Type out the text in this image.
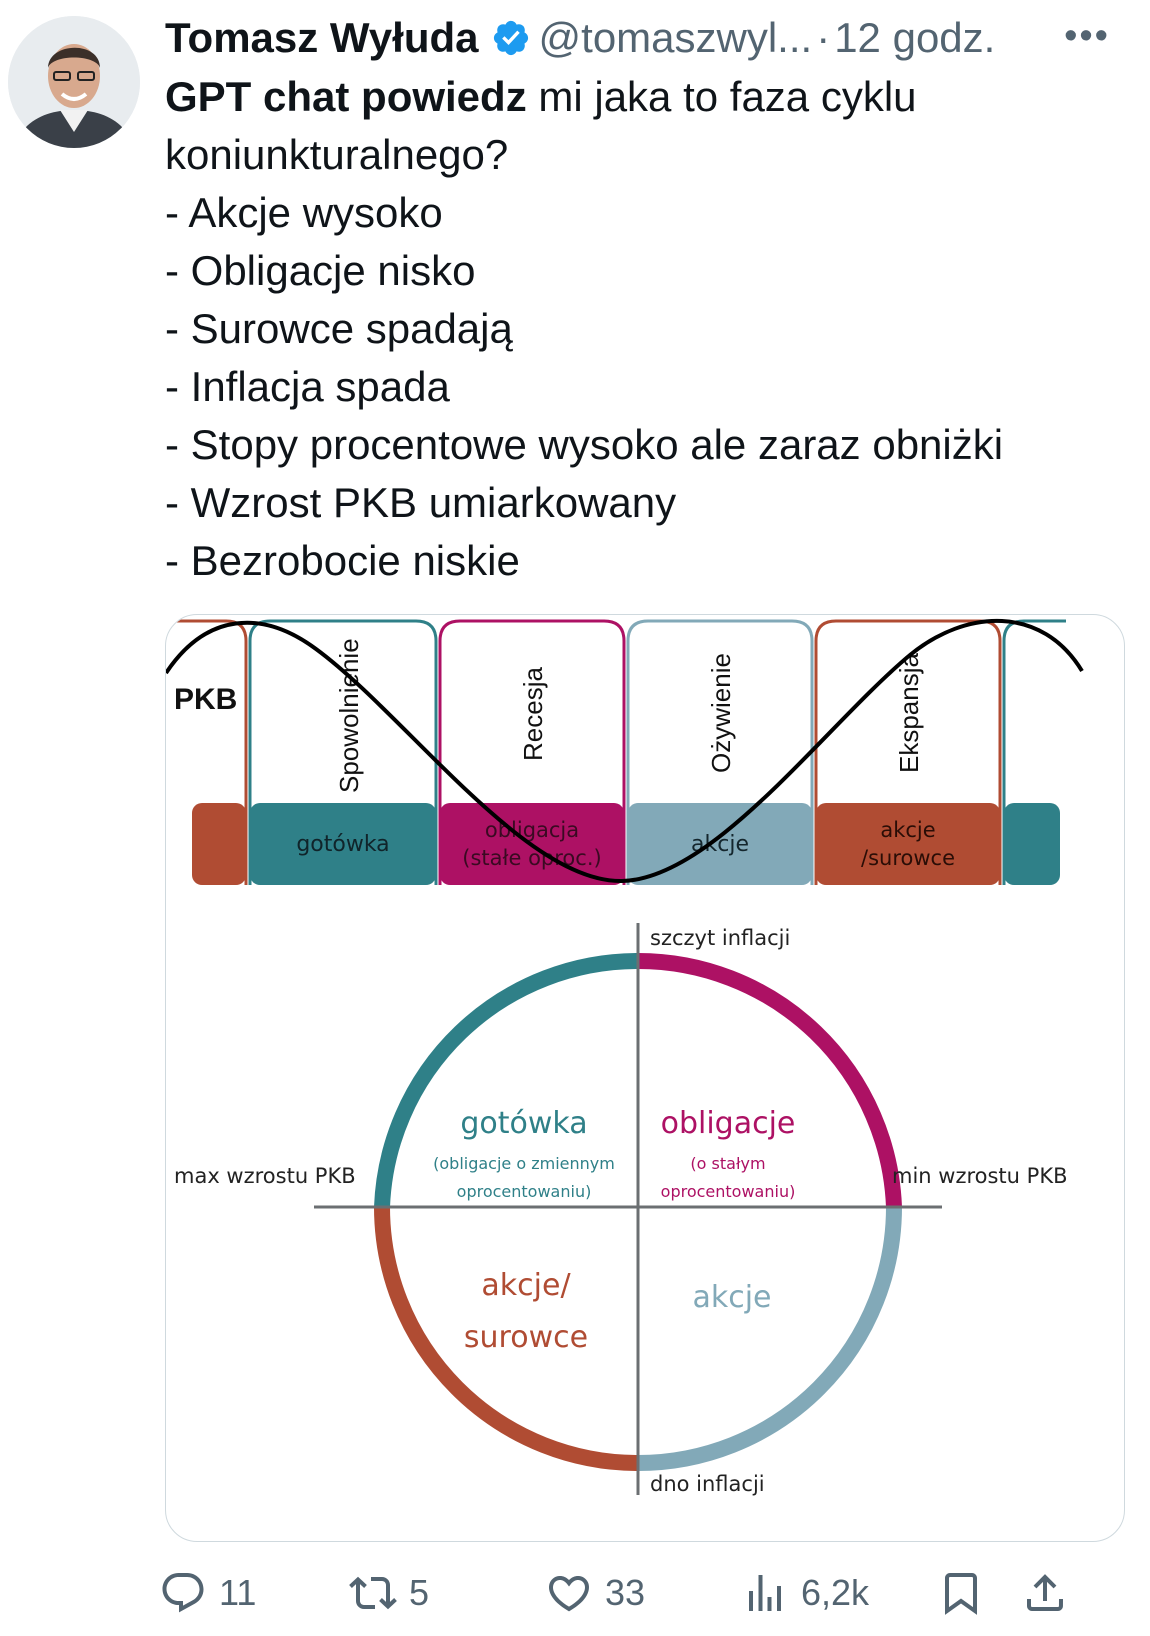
Tomasz Wyłuda @tomaszwyl... · 12 godz. •••

GPT chat powiedz mi jaka to faza cyklu koniunkturalnego?

- Akcje wysoko

- Obligacje nisko

- Surowce spadają

- Inflacja spada

- Stopy procentowe wysoko ale zaraz obniżki

- Wzrost PKB umiarkowany

- Bezrobocie niskie

Spowolnienie	Recesja	Ożywienie	Ekspansja
gotówka
obligacja
(stałe oproc.)
akcje
akcje
/surowce
PKB
szczyt inflacji
dno inflacji
max wzrostu PKB	min wzrostu PKB
gotówka
(obligacje o zmiennym
oprocentowaniu)
obligacje
(o stałym
oprocentowaniu)
akcje/
surowce
akcje
11	5	33	6,2k
